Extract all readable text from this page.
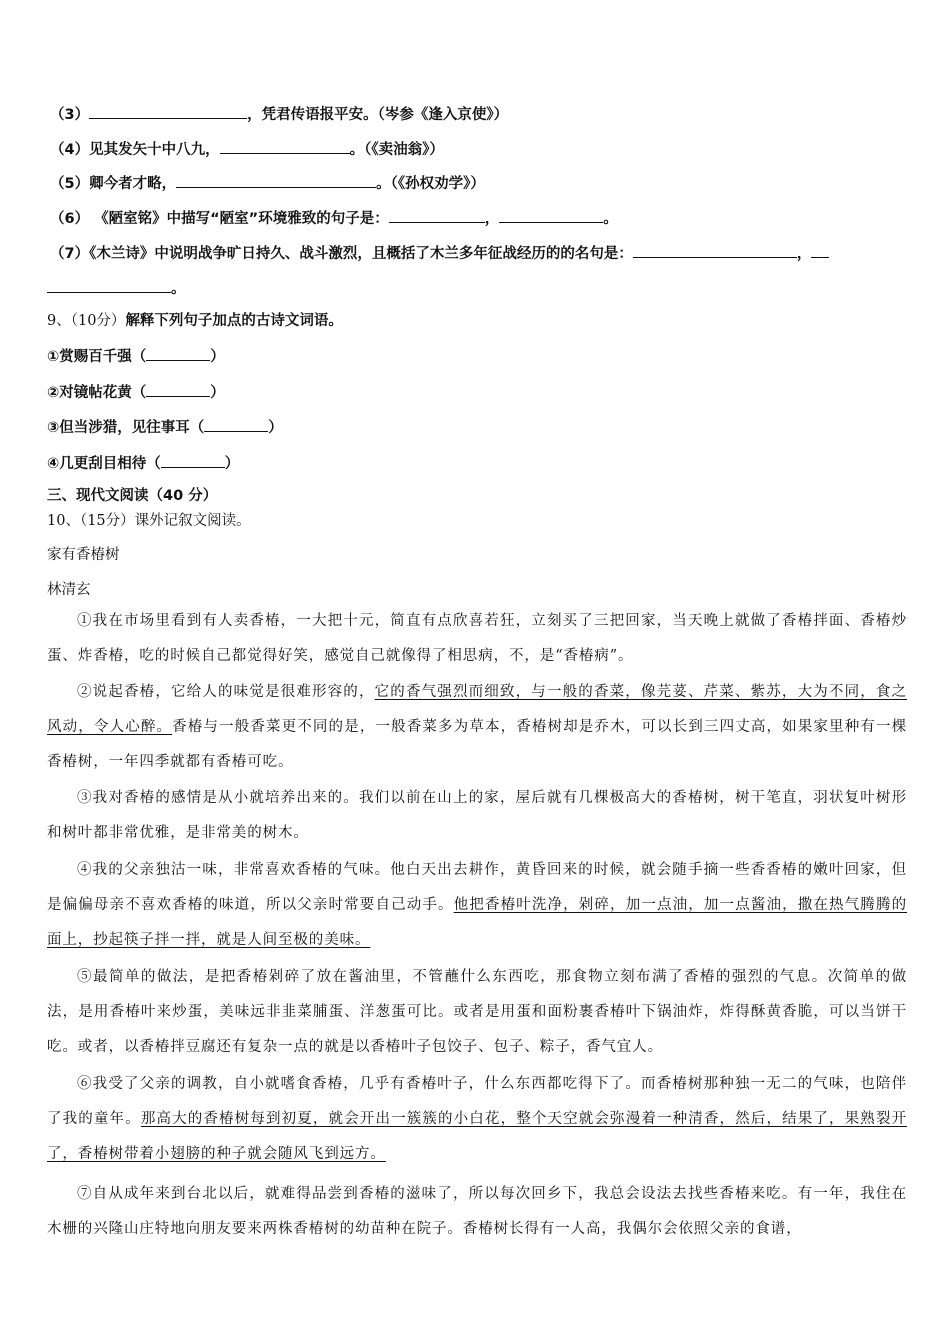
（3）	，凭君传语报平安。（岑参《逢入京使》）
（4）见其发矢十中八九，	。（《卖油翁》）
（5）卿今者才略，	。（《孙权劝学》）
（6） 《陋室铭》中描写“陋室”环境雅致的句子是：	，	。
（7）《木兰诗》中说明战争旷日持久、战斗激烈，且概括了木兰多年征战经历的的名句是：	，
。
9、（10分）解释下列句子加点的古诗文词语。
①赏赐百千强（	）
②对镜帖花黄（	）
③但当涉猎，见往事耳（	）
④几更刮目相待（	）
三、现代文阅读（40 分）
10、（15分）课外记叙文阅读。
家有香椿树
林清玄
①我在市场里看到有人卖香椿，一大把十元，简直有点欣喜若狂，立刻买了三把回家，当天晚上就做了香椿拌面、香椿炒蛋、炸香椿，吃的时候自己都觉得好笑，感觉自己就像得了相思病，不，是“香椿病”。
②说起香椿，它给人的味觉是很难形容的，它的香气强烈而细致，与一般的香菜，像芫荽、芹菜、紫苏，大为不同，食之风动，令人心醉。香椿与一般香菜更不同的是，一般香菜多为草本，香椿树却是乔木，可以长到三四丈高，如果家里种有一棵香椿树，一年四季就都有香椿可吃。
③我对香椿的感情是从小就培养出来的。我们以前在山上的家，屋后就有几棵极高大的香椿树，树干笔直，羽状复叶树形和树叶都非常优雅，是非常美的树木。
④我的父亲独沽一味，非常喜欢香椿的气味。他白天出去耕作，黄昏回来的时候，就会随手摘一些香香椿的嫩叶回家，但是偏偏母亲不喜欢香椿的味道，所以父亲时常要自己动手。他把香椿叶洗净，剁碎，加一点油，加一点酱油，撒在热气腾腾的面上，抄起筷子拌一拌，就是人间至极的美味。
⑤最简单的做法，是把香椿剁碎了放在酱油里，不管蘸什么东西吃，那食物立刻布满了香椿的强烈的气息。次简单的做法，是用香椿叶来炒蛋，美味远非韭菜脯蛋、洋葱蛋可比。或者是用蛋和面粉裹香椿叶下锅油炸，炸得酥黄香脆，可以当饼干吃。或者，以香椿拌豆腐还有复杂一点的就是以香椿叶子包饺子、包子、粽子，香气宜人。
⑥我受了父亲的调教，自小就嗜食香椿，几乎有香椿叶子，什么东西都吃得下了。而香椿树那种独一无二的气味，也陪伴了我的童年。那高大的香椿树每到初夏，就会开出一簇簇的小白花，整个天空就会弥漫着一种清香，然后，结果了，果熟裂开了，香椿树带着小翅膀的种子就会随风飞到远方。
⑦自从成年来到台北以后，就难得品尝到香椿的滋味了，所以每次回乡下，我总会设法去找些香椿来吃。有一年，我住在木栅的兴隆山庄特地向朋友要来两株香椿树的幼苗种在院子。香椿树长得有一人高，我偶尔会依照父亲的食谱，
